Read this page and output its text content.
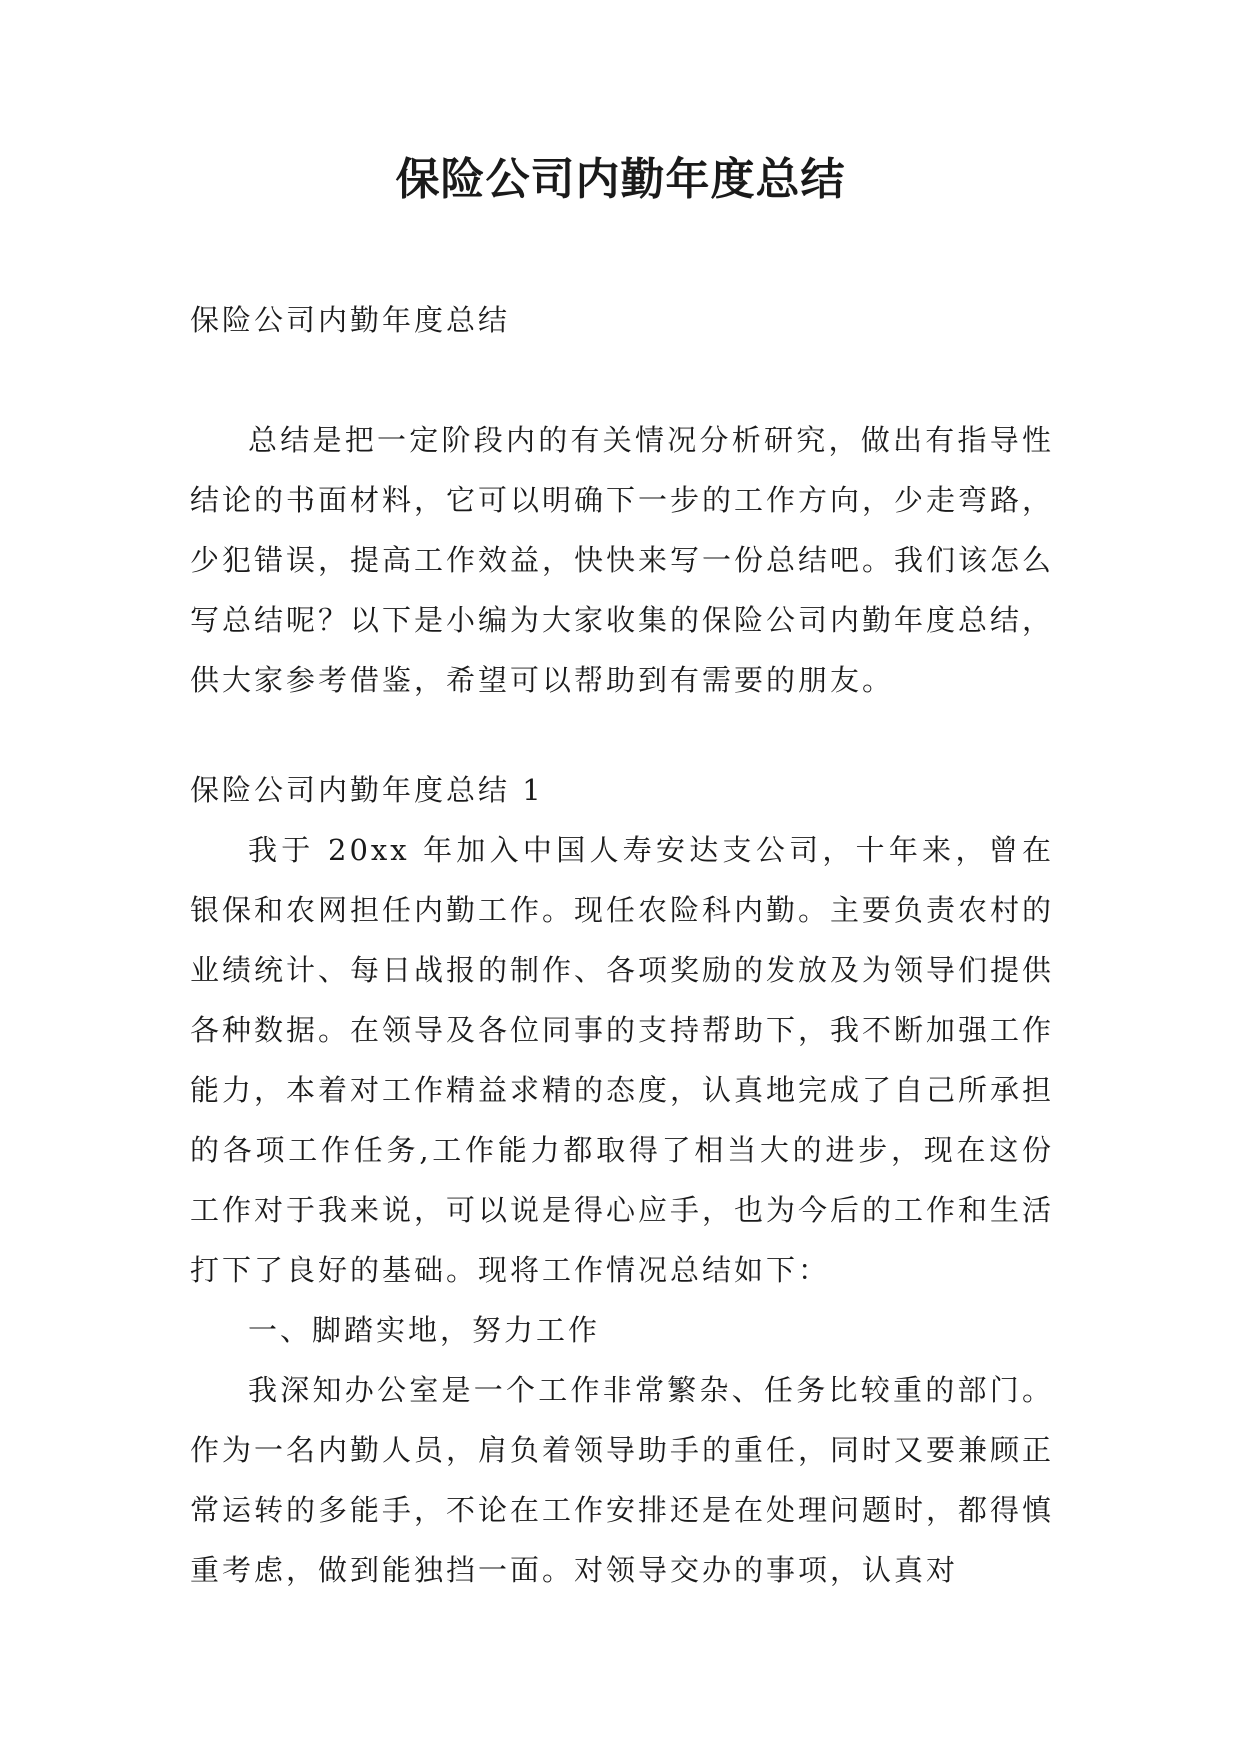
保险公司内勤年度总结

保险公司内勤年度总结

总结是把一定阶段内的有关情况分析研究，做出有指导性结论的书面材料，它可以明确下一步的工作方向，少走弯路，少犯错误，提高工作效益，快快来写一份总结吧。我们该怎么写总结呢？以下是小编为大家收集的保险公司内勤年度总结，供大家参考借鉴，希望可以帮助到有需要的朋友。

保险公司内勤年度总结 1

我于 20xx 年加入中国人寿安达支公司，十年来，曾在银保和农网担任内勤工作。现任农险科内勤。主要负责农村的业绩统计、每日战报的制作、各项奖励的发放及为领导们提供各种数据。在领导及各位同事的支持帮助下，我不断加强工作能力，本着对工作精益求精的态度，认真地完成了自己所承担的各项工作任务,工作能力都取得了相当大的进步，现在这份工作对于我来说，可以说是得心应手，也为今后的工作和生活打下了良好的基础。现将工作情况总结如下：

一、脚踏实地，努力工作

我深知办公室是一个工作非常繁杂、任务比较重的部门。作为一名内勤人员，肩负着领导助手的重任，同时又要兼顾正常运转的多能手，不论在工作安排还是在处理问题时，都得慎重考虑，做到能独挡一面。对领导交办的事项，认真对
